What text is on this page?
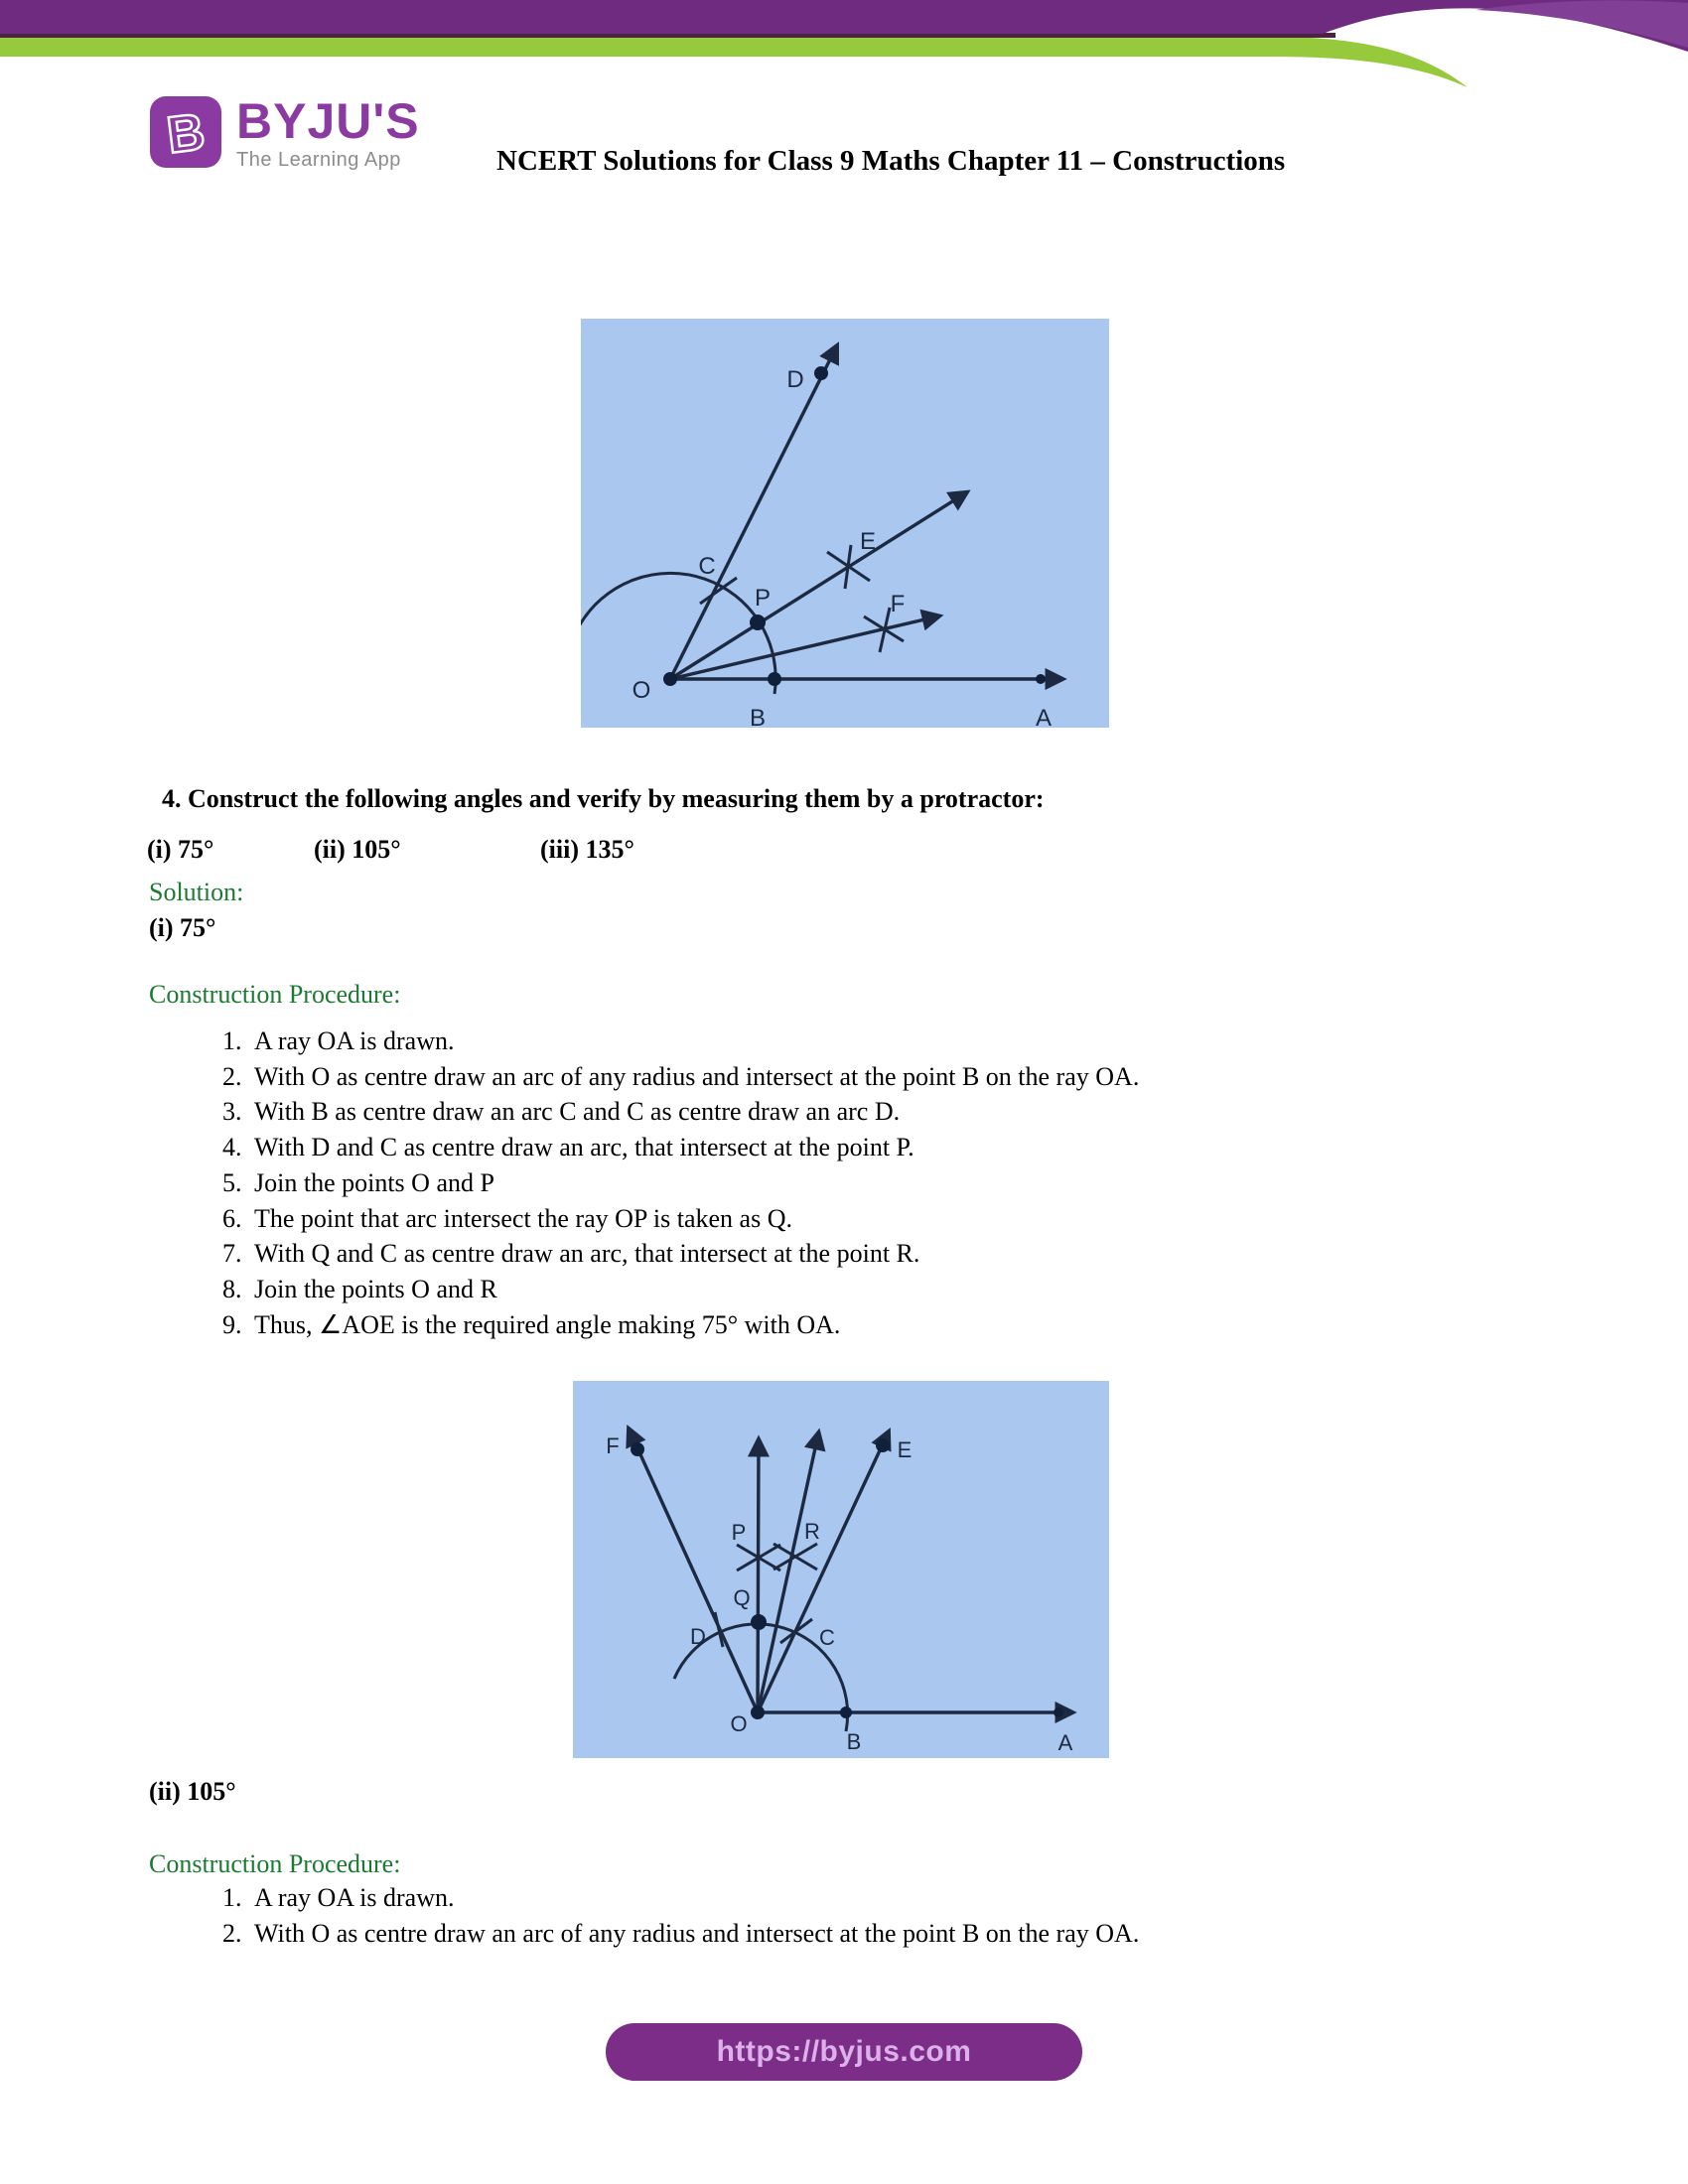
B BYJU'S
The Learning App	NCERT Solutions for Class 9 Maths Chapter 11 – Constructions
O
B	A
C
P
D
E
F
4. Construct the following angles and verify by measuring them by a protractor:
(i) 75°	(ii) 105°	(iii) 135°
Solution:
(i) 75°
Construction Procedure:
1. A ray OA is drawn.
2. With O as centre draw an arc of any radius and intersect at the point B on the ray OA.
3. With B as centre draw an arc C and C as centre draw an arc D.
4. With D and C as centre draw an arc, that intersect at the point P.
5. Join the points O and P
6. The point that arc intersect the ray OP is taken as Q.
7. With Q and C as centre draw an arc, that intersect at the point R.
8. Join the points O and R
9. Thus, ∠AOE is the required angle making 75° with OA.
O
B	A
C
D
Q
P	R
E
F
(ii) 105°
Construction Procedure:
1. A ray OA is drawn.
2. With O as centre draw an arc of any radius and intersect at the point B on the ray OA.
https://byjus.com
